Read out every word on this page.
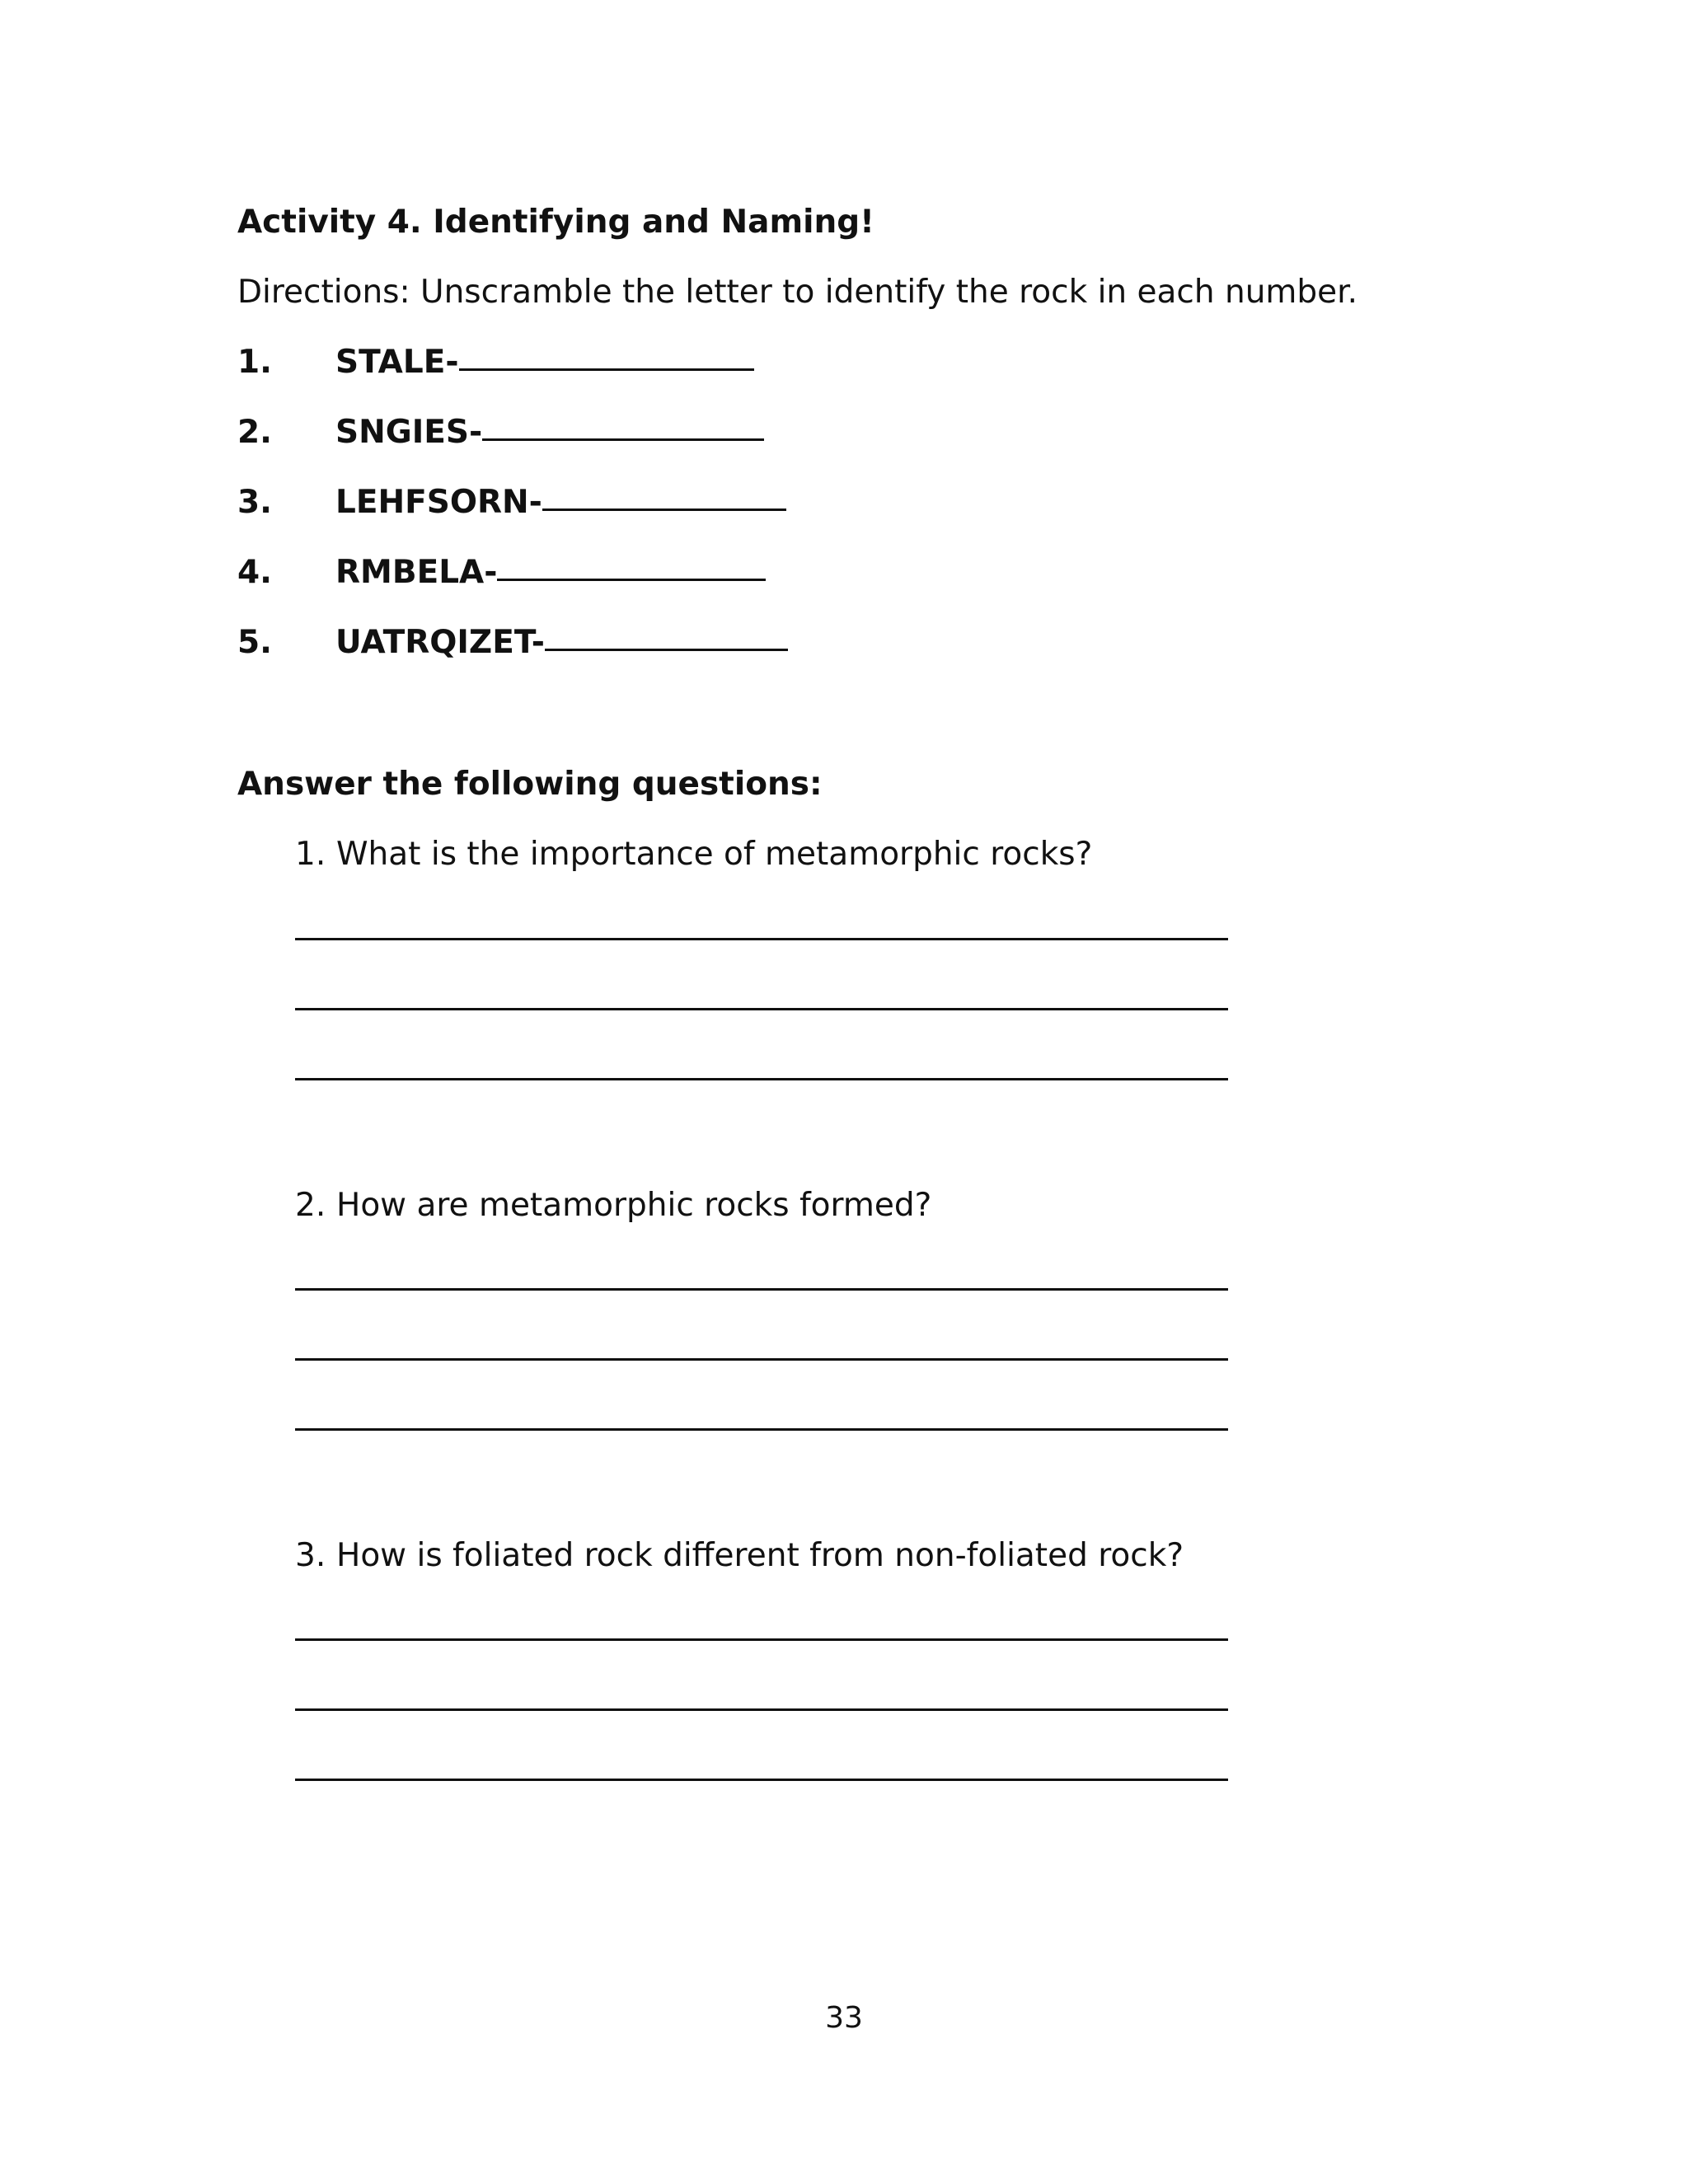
Activity 4. Identifying and Naming!
Directions: Unscramble the letter to identify the rock in each number.
1. STALE-
2. SNGIES-
3. LEHFSORN-
4. RMBELA-
5. UATRQIZET-
Answer the following questions:
1. What is the importance of metamorphic rocks?
2. How are metamorphic rocks formed?
3. How is foliated rock different from non-foliated rock?
33
